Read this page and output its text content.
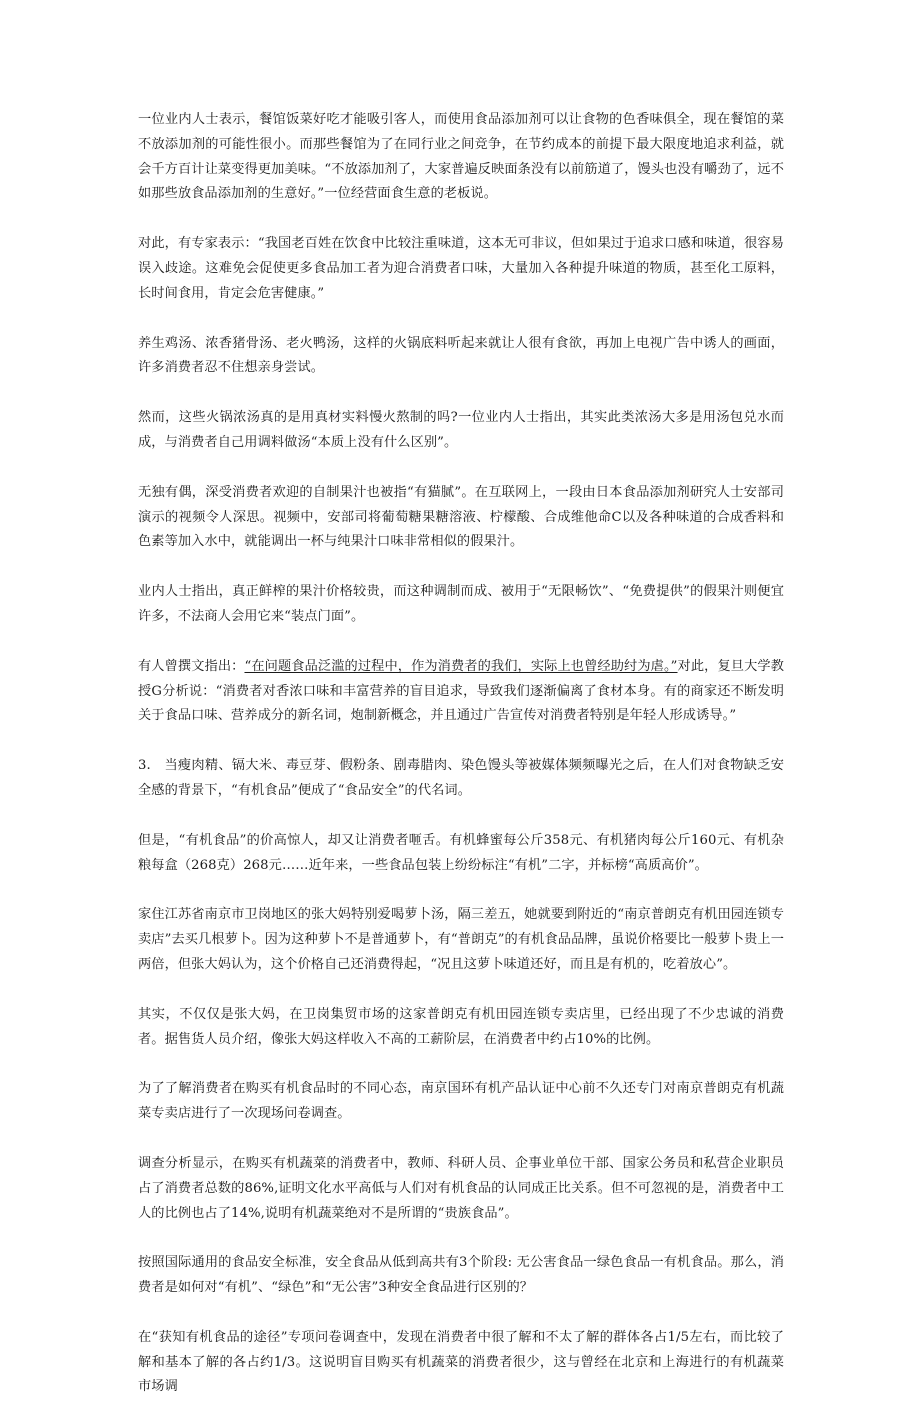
一位业内人士表示，餐馆饭菜好吃才能吸引客人，而使用食品添加剂可以让食物的色香味俱全，现在餐馆的菜不放添加剂的可能性很小。而那些餐馆为了在同行业之间竞争，在节约成本的前提下最大限度地追求利益，就会千方百计让菜变得更加美味。“不放添加剂了，大家普遍反映面条没有以前筋道了，馒头也没有嚼劲了，远不如那些放食品添加剂的生意好。”一位经营面食生意的老板说。

对此，有专家表示：“我国老百姓在饮食中比较注重味道，这本无可非议，但如果过于追求口感和味道，很容易误入歧途。这难免会促使更多食品加工者为迎合消费者口味，大量加入各种提升味道的物质，甚至化工原料，长时间食用，肯定会危害健康。”

养生鸡汤、浓香猪骨汤、老火鸭汤，这样的火锅底料听起来就让人很有食欲，再加上电视广告中诱人的画面，许多消费者忍不住想亲身尝试。

然而，这些火锅浓汤真的是用真材实料慢火熬制的吗?一位业内人士指出，其实此类浓汤大多是用汤包兑水而成，与消费者自己用调料做汤“本质上没有什么区别”。

无独有偶，深受消费者欢迎的自制果汁也被指“有猫腻”。在互联网上，一段由日本食品添加剂研究人士安部司演示的视频令人深思。视频中，安部司将葡萄糖果糖溶液、柠檬酸、合成维他命C以及各种味道的合成香料和色素等加入水中，就能调出一杯与纯果汁口味非常相似的假果汁。

业内人士指出，真正鲜榨的果汁价格较贵，而这种调制而成、被用于“无限畅饮”、“免费提供”的假果汁则便宜许多，不法商人会用它来“装点门面”。

有人曾撰文指出：“在问题食品泛滥的过程中，作为消费者的我们，实际上也曾经助纣为虐。”对此，复旦大学教授G分析说：“消费者对香浓口味和丰富营养的盲目追求，导致我们逐渐偏离了食材本身。有的商家还不断发明关于食品口味、营养成分的新名词，炮制新概念，并且通过广告宣传对消费者特别是年轻人形成诱导。”

3.　当瘦肉精、镉大米、毒豆芽、假粉条、剧毒腊肉、染色馒头等被媒体频频曝光之后，在人们对食物缺乏安全感的背景下，“有机食品”便成了“食品安全”的代名词。

但是，“有机食品”的价高惊人，却又让消费者咂舌。有机蜂蜜每公斤358元、有机猪肉每公斤160元、有机杂粮每盒（268克）268元……近年来，一些食品包装上纷纷标注“有机”二字，并标榜“高质高价”。

家住江苏省南京市卫岗地区的张大妈特别爱喝萝卜汤，隔三差五，她就要到附近的“南京普朗克有机田园连锁专卖店”去买几根萝卜。因为这种萝卜不是普通萝卜，有“普朗克”的有机食品品牌，虽说价格要比一般萝卜贵上一两倍，但张大妈认为，这个价格自己还消费得起，“况且这萝卜味道还好，而且是有机的，吃着放心”。

其实，不仅仅是张大妈，在卫岗集贸市场的这家普朗克有机田园连锁专卖店里，已经出现了不少忠诚的消费者。据售货人员介绍，像张大妈这样收入不高的工薪阶层，在消费者中约占10%的比例。

为了了解消费者在购买有机食品时的不同心态，南京国环有机产品认证中心前不久还专门对南京普朗克有机蔬菜专卖店进行了一次现场问卷调查。

调查分析显示，在购买有机蔬菜的消费者中，教师、科研人员、企事业单位干部、国家公务员和私营企业职员占了消费者总数的86%,证明文化水平高低与人们对有机食品的认同成正比关系。但不可忽视的是，消费者中工人的比例也占了14%,说明有机蔬菜绝对不是所谓的“贵族食品”。

按照国际通用的食品安全标准，安全食品从低到高共有3个阶段: 无公害食品一绿色食品一有机食品。那么，消费者是如何对“有机”、“绿色”和“无公害”3种安全食品进行区别的？

在“获知有机食品的途径”专项问卷调查中，发现在消费者中很了解和不太了解的群体各占1/5左右，而比较了解和基本了解的各占约1/3。这说明盲目购买有机蔬菜的消费者很少，这与曾经在北京和上海进行的有机蔬菜市场调
